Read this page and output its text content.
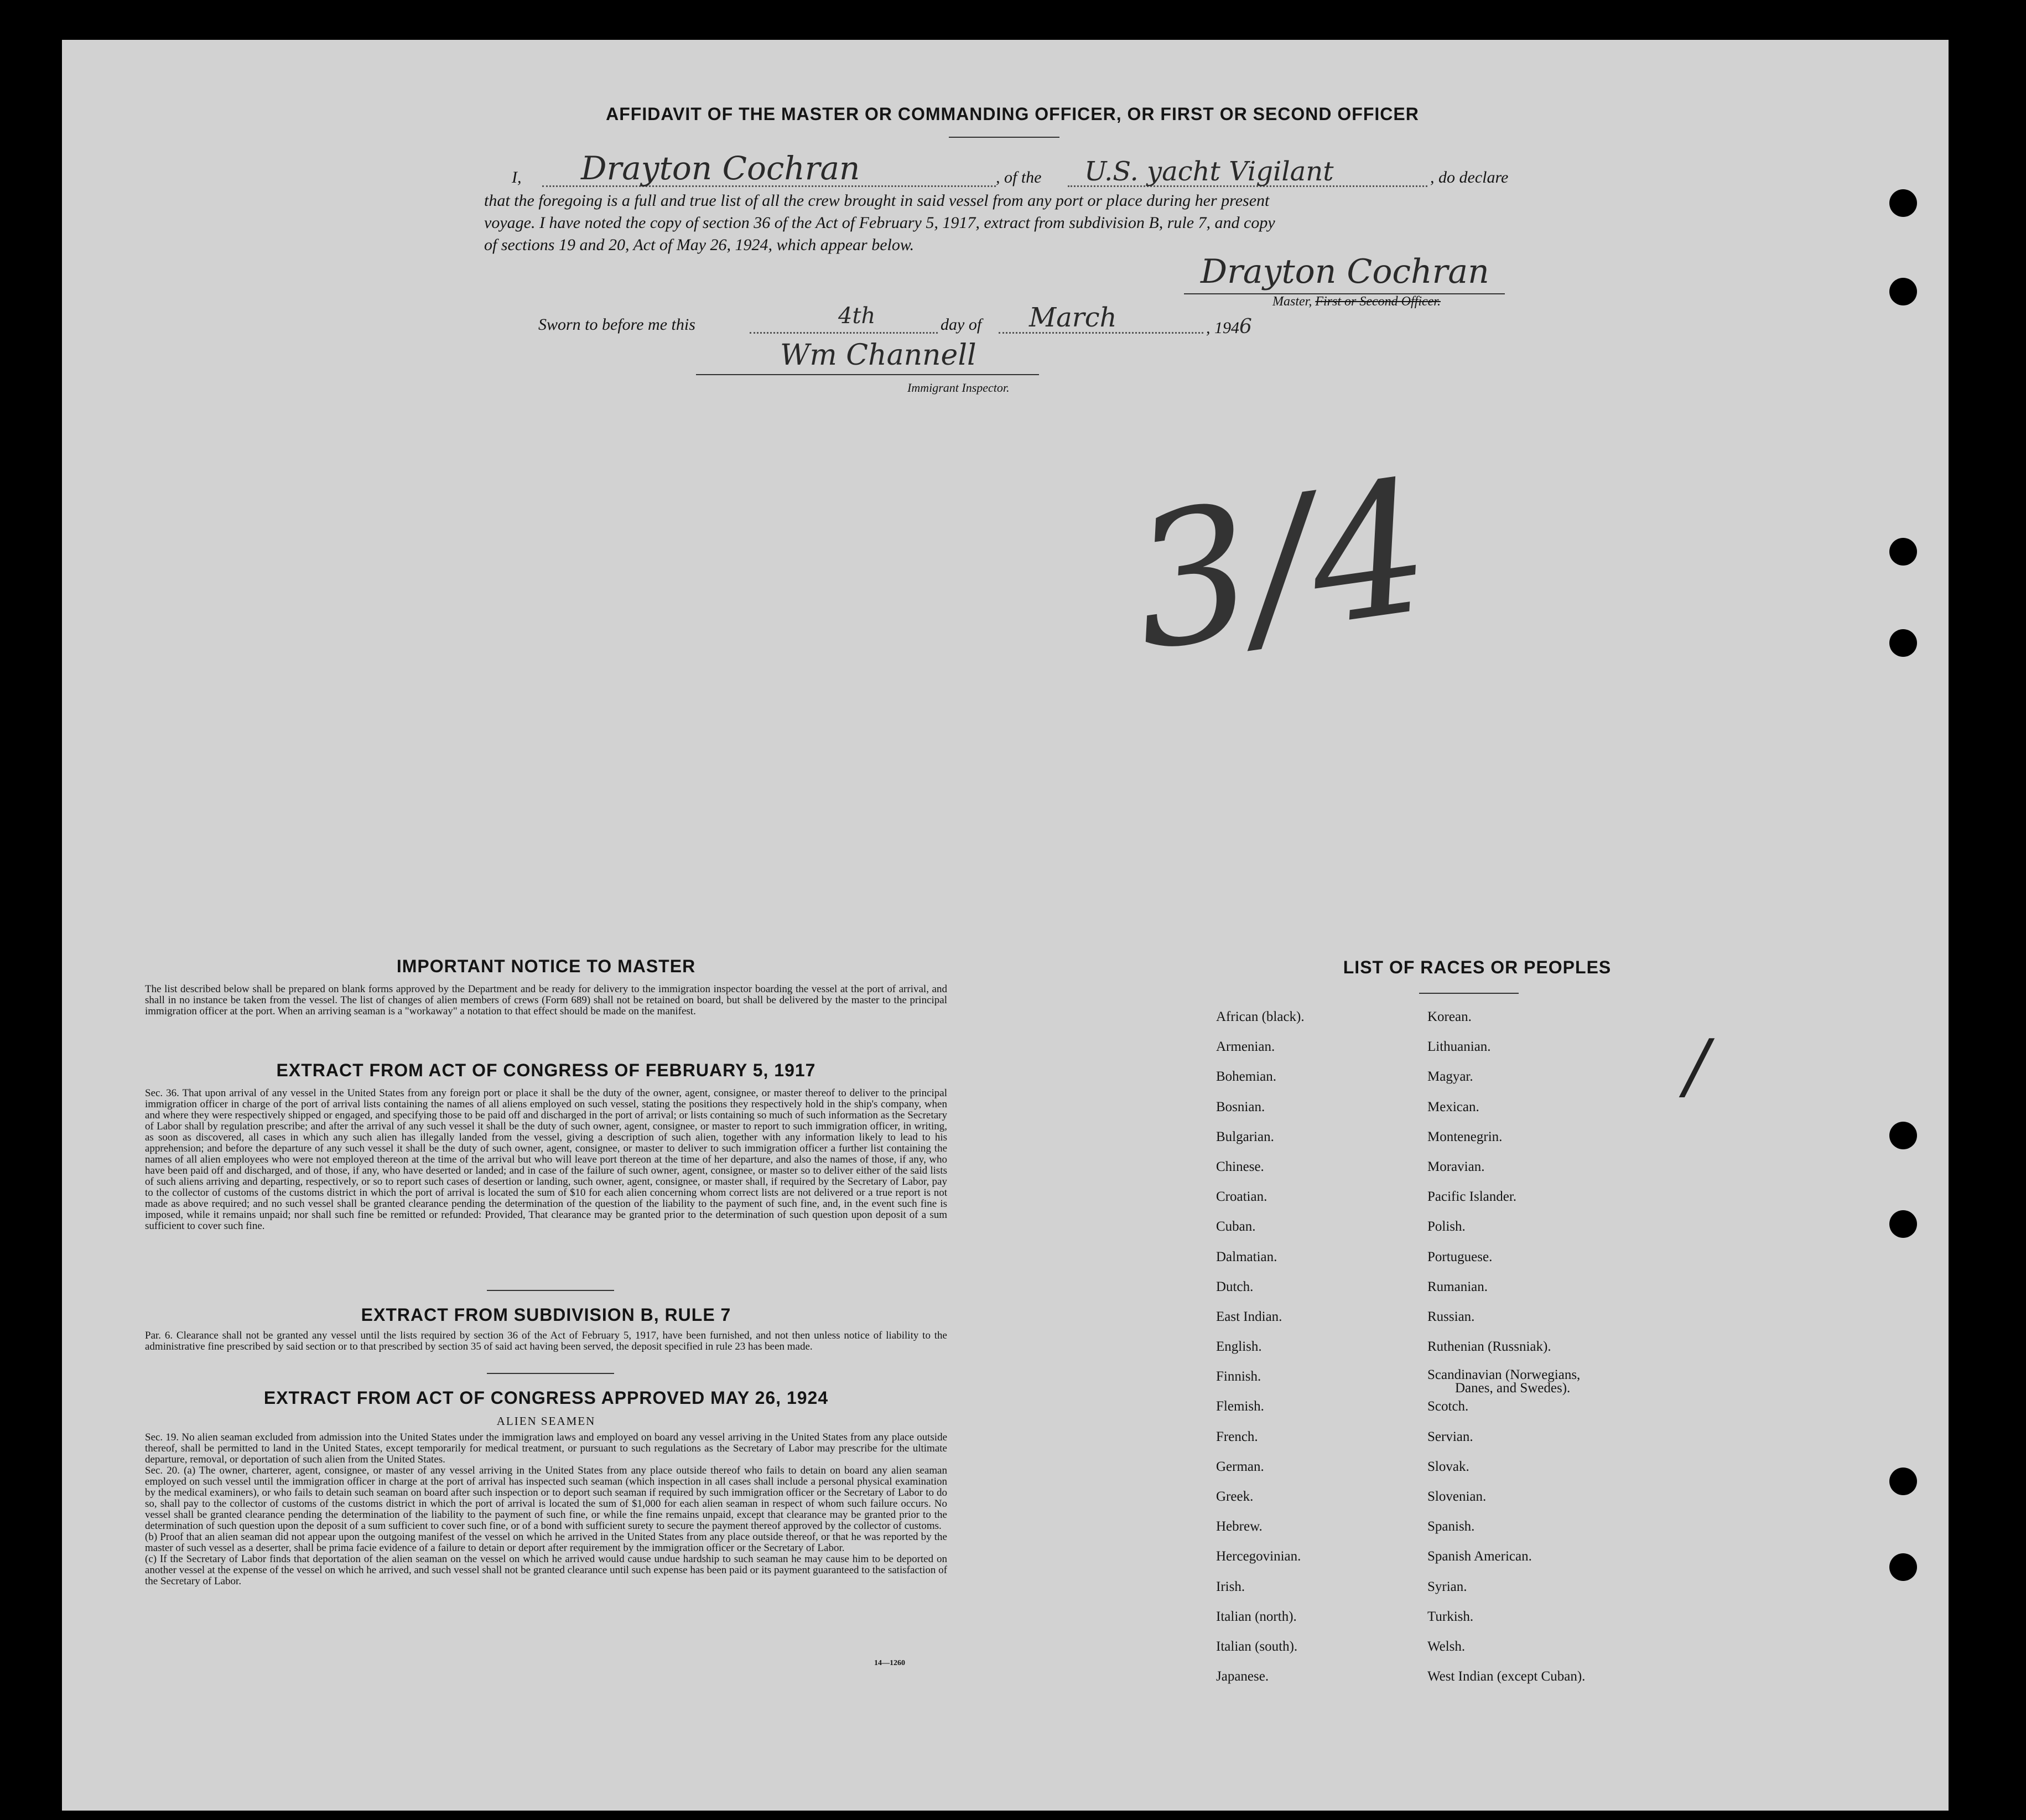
AFFIDAVIT OF THE MASTER OR COMMANDING OFFICER, OR FIRST OR SECOND OFFICER
I, Drayton Cochran	, of the U.S. yacht Vigilant	, do declare
that the foregoing is a full and true list of all the crew brought in said vessel from any port or place during her present
voyage. I have noted the copy of section 36 of the Act of February 5, 1917, extract from subdivision B, rule 7, and copy
of sections 19 and 20, Act of May 26, 1924, which appear below.
Drayton Cochran
Master, First or Second Officer.
Sworn to before me this	4th	day of March	, 1946
Wm Channell
Immigrant Inspector.
3/4
/
IMPORTANT NOTICE TO MASTER
The list described below shall be prepared on blank forms approved by the Department and be ready for delivery to the immigration inspector boarding the vessel at the port of arrival, and shall in no instance be taken from the vessel. The list of changes of alien members of crews (Form 689) shall not be retained on board, but shall be delivered by the master to the principal immigration officer at the port. When an arriving seaman is a "workaway" a notation to that effect should be made on the manifest.
EXTRACT FROM ACT OF CONGRESS OF FEBRUARY 5, 1917
Sec. 36. That upon arrival of any vessel in the United States from any foreign port or place it shall be the duty of the owner, agent, consignee, or master thereof to deliver to the principal immigration officer in charge of the port of arrival lists containing the names of all aliens employed on such vessel, stating the positions they respectively hold in the ship's company, when and where they were respectively shipped or engaged, and specifying those to be paid off and discharged in the port of arrival; or lists containing so much of such information as the Secretary of Labor shall by regulation prescribe; and after the arrival of any such vessel it shall be the duty of such owner, agent, consignee, or master to report to such immigration officer, in writing, as soon as discovered, all cases in which any such alien has illegally landed from the vessel, giving a description of such alien, together with any information likely to lead to his apprehension; and before the departure of any such vessel it shall be the duty of such owner, agent, consignee, or master to deliver to such immigration officer a further list containing the names of all alien employees who were not employed thereon at the time of the arrival but who will leave port thereon at the time of her departure, and also the names of those, if any, who have been paid off and discharged, and of those, if any, who have deserted or landed; and in case of the failure of such owner, agent, consignee, or master so to deliver either of the said lists of such aliens arriving and departing, respectively, or so to report such cases of desertion or landing, such owner, agent, consignee, or master shall, if required by the Secretary of Labor, pay to the collector of customs of the customs district in which the port of arrival is located the sum of $10 for each alien concerning whom correct lists are not delivered or a true report is not made as above required; and no such vessel shall be granted clearance pending the determination of the question of the liability to the payment of such fine, and, in the event such fine is imposed, while it remains unpaid; nor shall such fine be remitted or refunded: Provided, That clearance may be granted prior to the determination of such question upon deposit of a sum sufficient to cover such fine.
EXTRACT FROM SUBDIVISION B, RULE 7
Par. 6. Clearance shall not be granted any vessel until the lists required by section 36 of the Act of February 5, 1917, have been furnished, and not then unless notice of liability to the administrative fine prescribed by said section or to that prescribed by section 35 of said act having been served, the deposit specified in rule 23 has been made.
EXTRACT FROM ACT OF CONGRESS APPROVED MAY 26, 1924
ALIEN SEAMEN
Sec. 19. No alien seaman excluded from admission into the United States under the immigration laws and employed on board any vessel arriving in the United States from any place outside thereof, shall be permitted to land in the United States, except temporarily for medical treatment, or pursuant to such regulations as the Secretary of Labor may prescribe for the ultimate departure, removal, or deportation of such alien from the United States.
Sec. 20. (a) The owner, charterer, agent, consignee, or master of any vessel arriving in the United States from any place outside thereof who fails to detain on board any alien seaman employed on such vessel until the immigration officer in charge at the port of arrival has inspected such seaman (which inspection in all cases shall include a personal physical examination by the medical examiners), or who fails to detain such seaman on board after such inspection or to deport such seaman if required by such immigration officer or the Secretary of Labor to do so, shall pay to the collector of customs of the customs district in which the port of arrival is located the sum of $1,000 for each alien seaman in respect of whom such failure occurs. No vessel shall be granted clearance pending the determination of the liability to the payment of such fine, or while the fine remains unpaid, except that clearance may be granted prior to the determination of such question upon the deposit of a sum sufficient to cover such fine, or of a bond with sufficient surety to secure the payment thereof approved by the collector of customs.
(b) Proof that an alien seaman did not appear upon the outgoing manifest of the vessel on which he arrived in the United States from any place outside thereof, or that he was reported by the master of such vessel as a deserter, shall be prima facie evidence of a failure to detain or deport after requirement by the immigration officer or the Secretary of Labor.
(c) If the Secretary of Labor finds that deportation of the alien seaman on the vessel on which he arrived would cause undue hardship to such seaman he may cause him to be deported on another vessel at the expense of the vessel on which he arrived, and such vessel shall not be granted clearance until such expense has been paid or its payment guaranteed to the satisfaction of the Secretary of Labor.
14—1260
LIST OF RACES OR PEOPLES
African (black).
Armenian.
Bohemian.
Bosnian.
Bulgarian.
Chinese.
Croatian.
Cuban.
Dalmatian.
Dutch.
East Indian.
English.
Finnish.
Flemish.
French.
German.
Greek.
Hebrew.
Hercegovinian.
Irish.
Italian (north).
Italian (south).
Japanese.
Korean.
Lithuanian.
Magyar.
Mexican.
Montenegrin.
Moravian.
Pacific Islander.
Polish.
Portuguese.
Rumanian.
Russian.
Ruthenian (Russniak).
Scandinavian (Norwegians,
Danes, and Swedes).
Scotch.
Servian.
Slovak.
Slovenian.
Spanish.
Spanish American.
Syrian.
Turkish.
Welsh.
West Indian (except Cuban).
